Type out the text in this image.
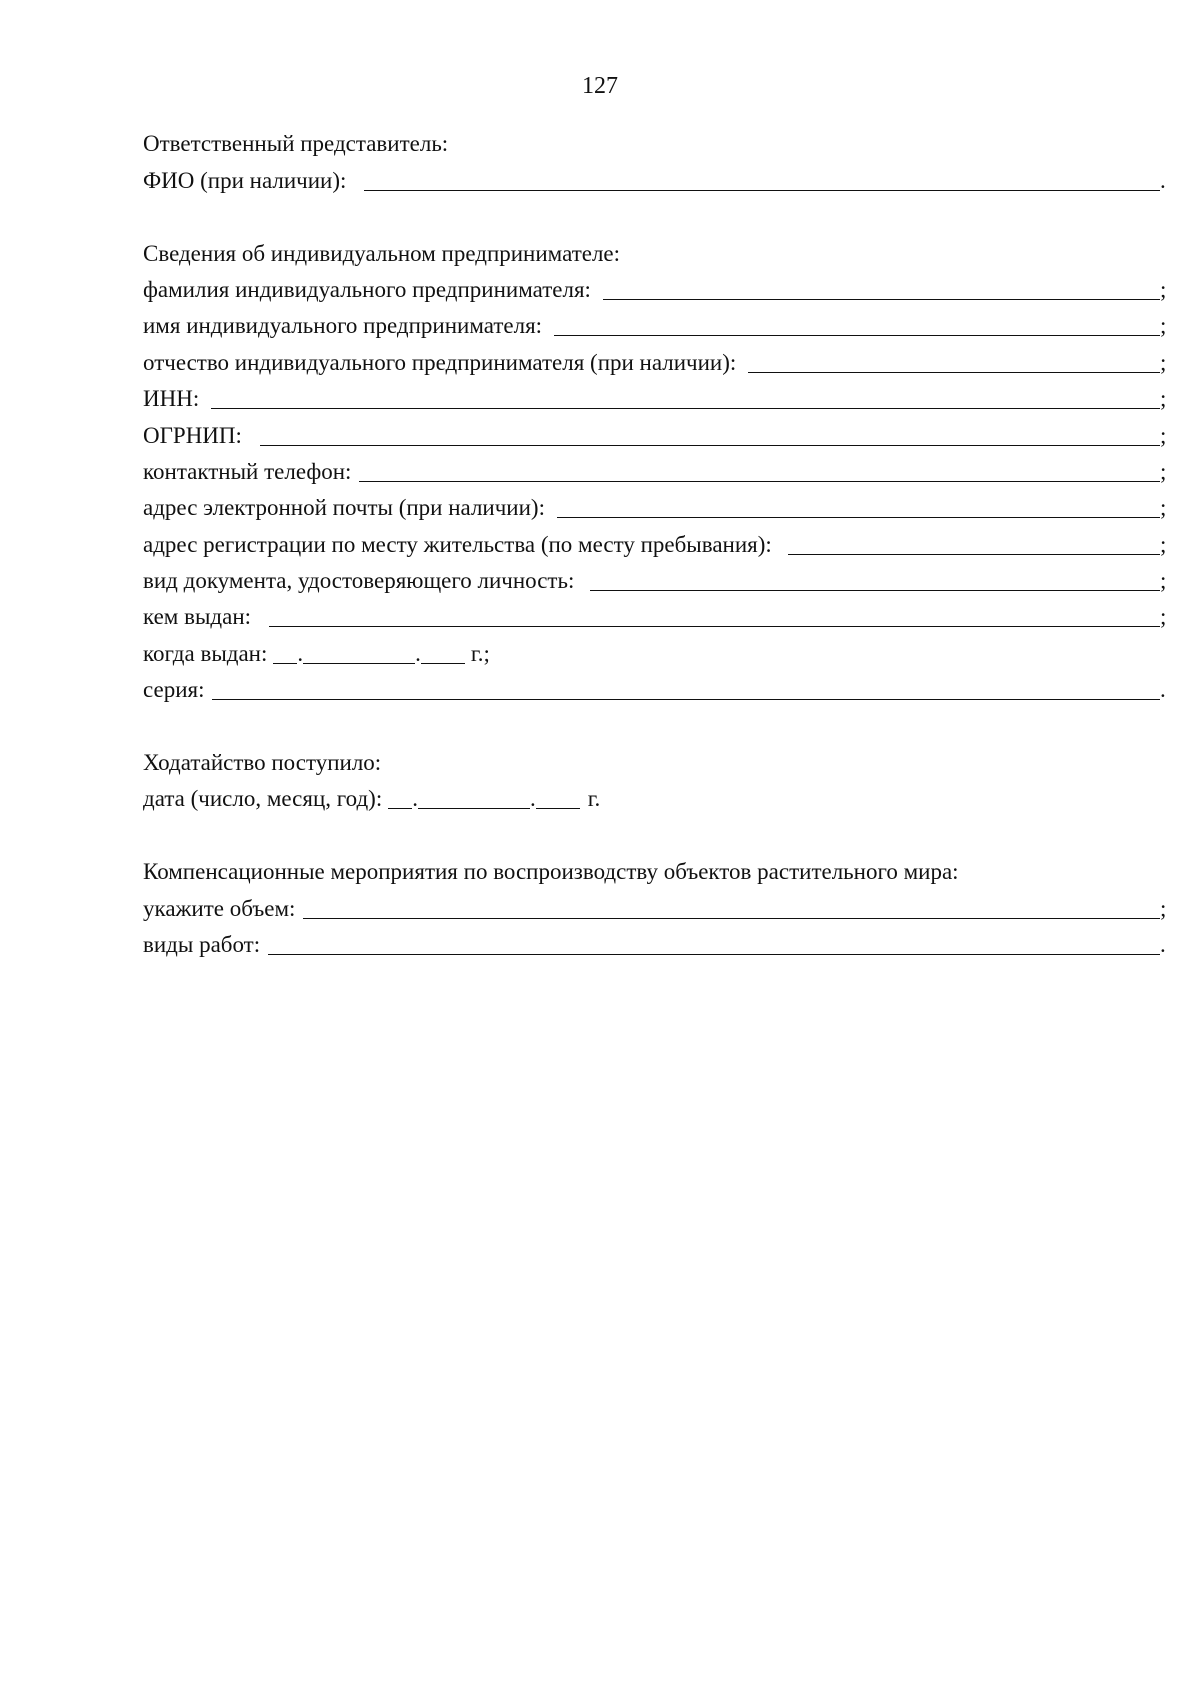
127
Ответственный представитель:
ФИО (при наличии):	.
Сведения об индивидуальном предпринимателе:
фамилия индивидуального предпринимателя:	;
имя индивидуального предпринимателя:	;
отчество индивидуального предпринимателя (при наличии):	;
ИНН:	;
ОГРНИП:	;
контактный телефон:	;
адрес электронной почты (при наличии):	;
адрес регистрации по месту жительства (по месту пребывания):	;
вид документа, удостоверяющего личность:	;
кем выдан:	;
когда выдан: .	. г.;
серия:	.
Ходатайство поступило:
дата (число, месяц, год): .	.	г.
Компенсационные мероприятия по воспроизводству объектов растительного мира:
укажите объем:	;
виды работ:	.
